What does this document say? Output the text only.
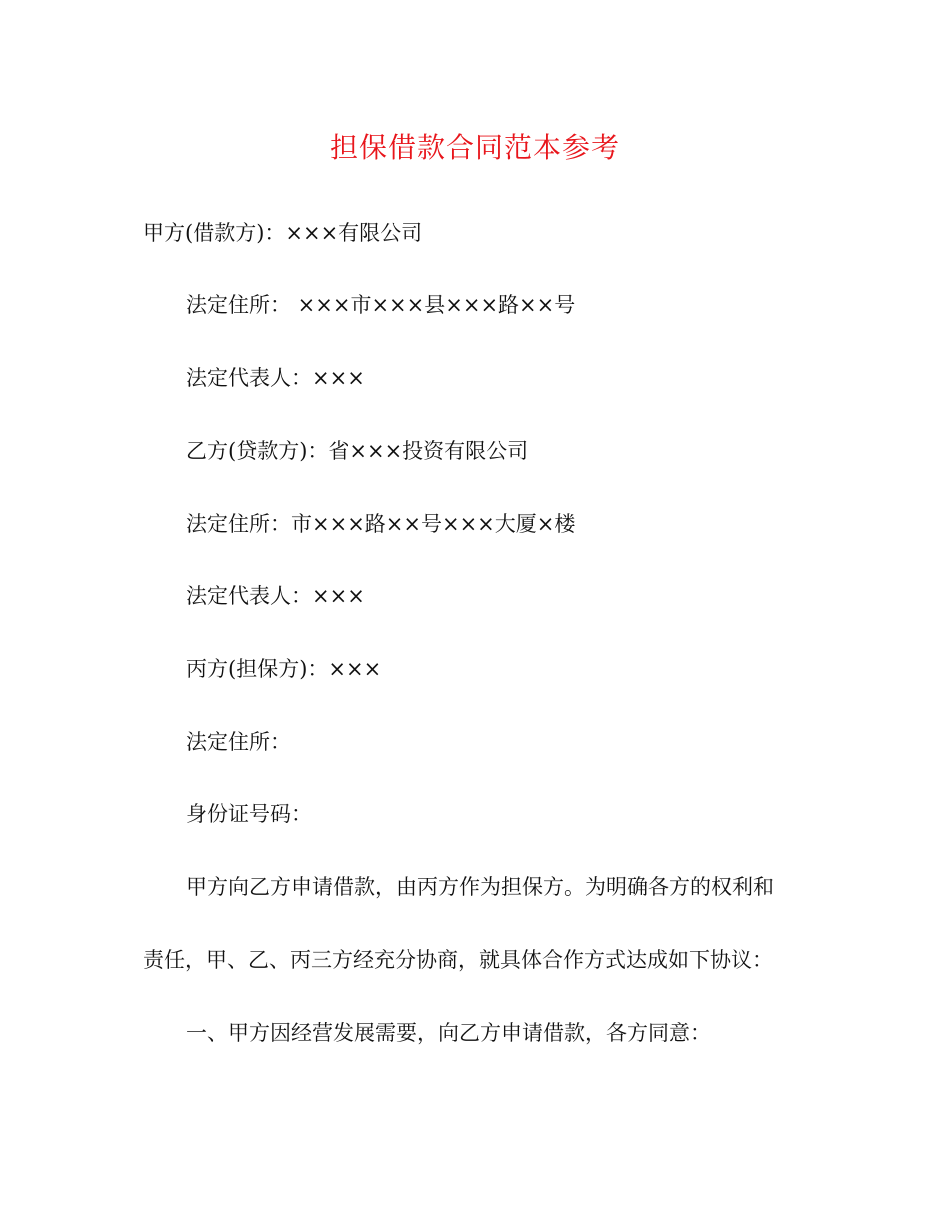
担保借款合同范本参考
甲方(借款方)：×××有限公司
法定住所： ×××市×××县×××路××号
法定代表人：×××
乙方(贷款方)：省×××投资有限公司
法定住所：市×××路××号×××大厦×楼
法定代表人：×××
丙方(担保方)：×××
法定住所：
身份证号码：
甲方向乙方申请借款，由丙方作为担保方。为明确各方的权利和
责任，甲、乙、丙三方经充分协商，就具体合作方式达成如下协议：
一、甲方因经营发展需要，向乙方申请借款，各方同意：
